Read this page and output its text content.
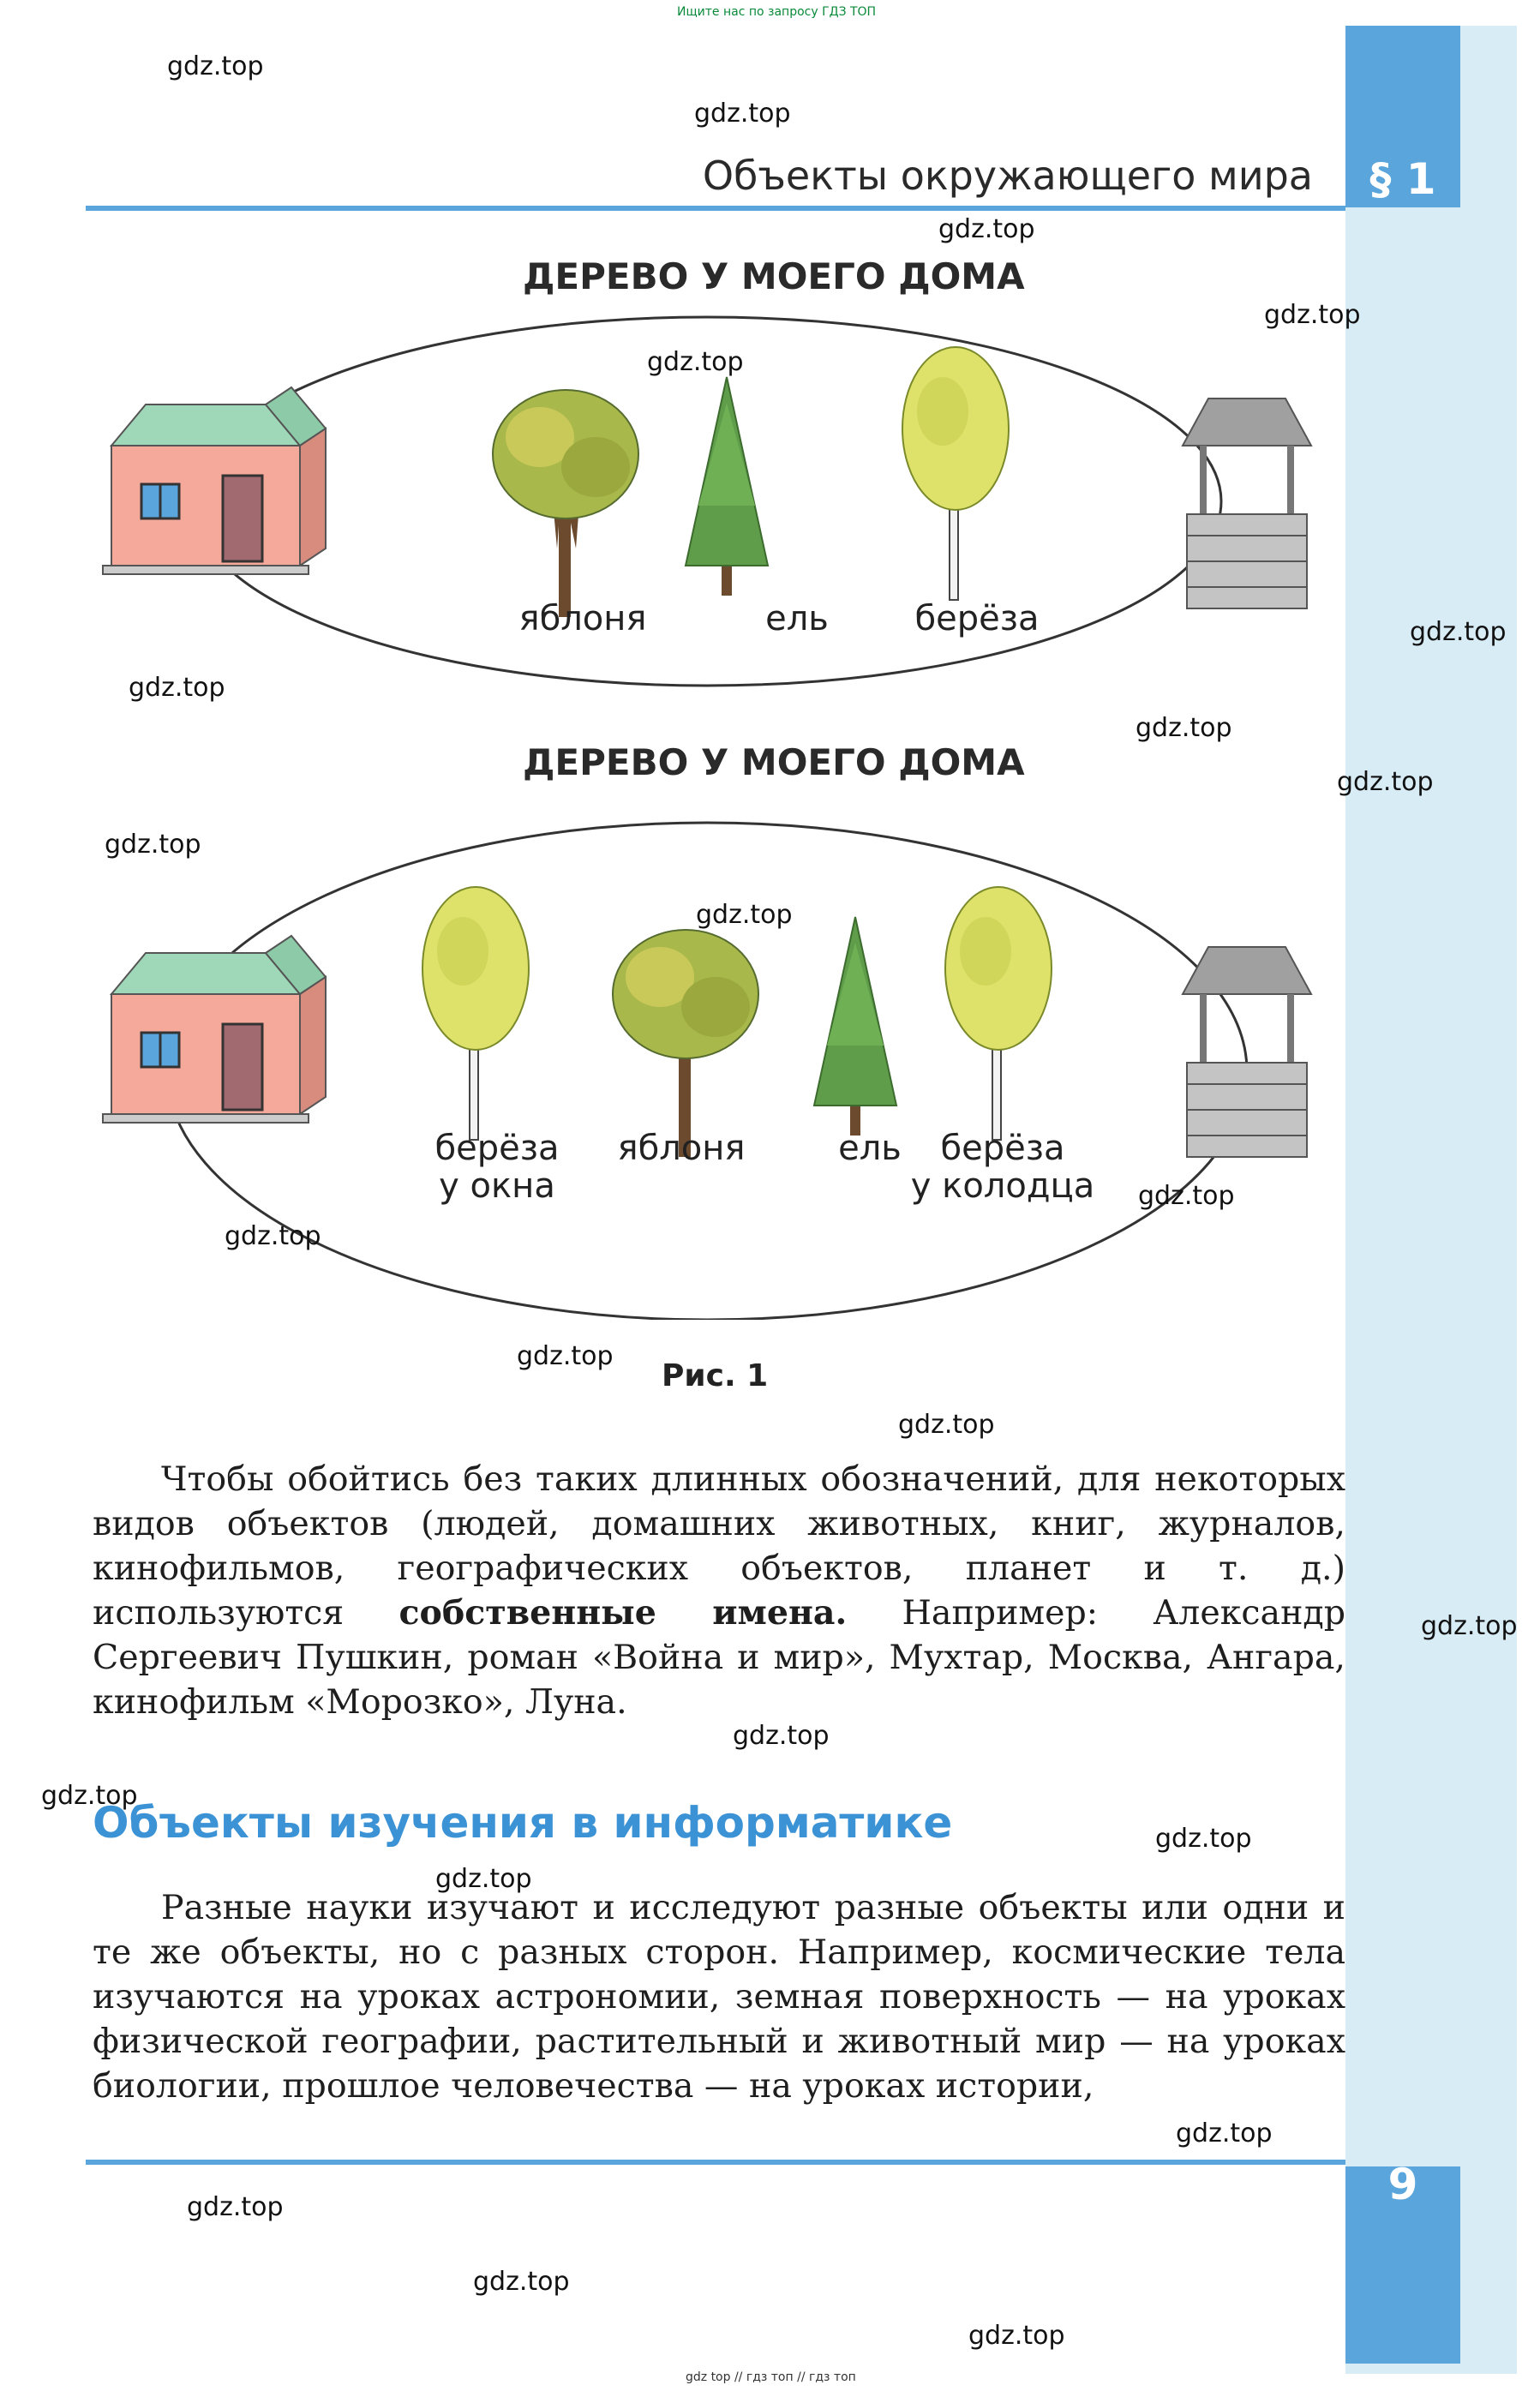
§ 1
9
Ищите нас по запросу ГДЗ ТОП
Объекты окружающего мира
ДЕРЕВО У МОЕГО ДОМА
яблоня	ель	берёза
ДЕРЕВО У МОЕГО ДОМА
берёза
у окна
яблоня	ель	берёза
у колодца
Рис. 1

Чтобы обойтись без таких длинных обозначений, для некоторых видов объектов (людей, домашних животных, книг, журналов, кинофильмов, географических объектов, планет и т. д.) используются собственные имена. Например: Александр Сергеевич Пушкин, роман «Война и мир», Мухтар, Москва, Ангара, кинофильм «Морозко», Луна.

Объекты изучения в информатике

Разные науки изучают и исследуют разные объекты или одни и те же объекты, но с разных сторон. Например, космические тела изучаются на уроках астрономии, земная поверхность — на уроках физической географии, растительный и животный мир — на уроках биологии, прошлое человечества — на уроках истории,

gdz.top
gdz.top
gdz.top
gdz.top
gdz.top
gdz.top
gdz.top
gdz.top
gdz.top
gdz.top
gdz.top
gdz.top
gdz.top
gdz.top
gdz.top
gdz.top
gdz.top
gdz.top
gdz.top
gdz.top
gdz.top
gdz.top
gdz.top
gdz.top
gdz top // гдз топ // гдз топ
